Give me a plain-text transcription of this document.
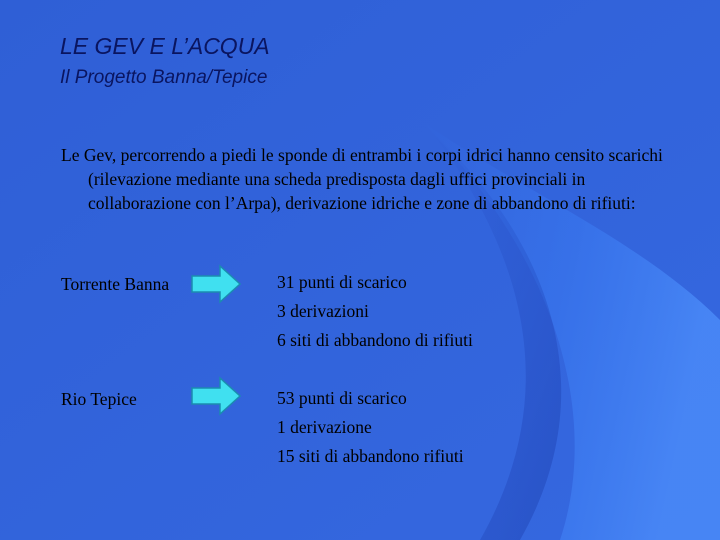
LE GEV E L’ACQUA
Il Progetto Banna/Tepice
Le Gev, percorrendo a piedi le sponde di entrambi i corpi idrici hanno censito scarichi (rilevazione mediante una scheda predisposta dagli uffici provinciali in collaborazione con l’Arpa), derivazione idriche e zone di abbandono di rifiuti:
Torrente Banna	31 punti di scarico
3 derivazioni
6 siti di abbandono di rifiuti
Rio Tepice	53 punti di scarico
1 derivazione
15 siti di abbandono rifiuti
